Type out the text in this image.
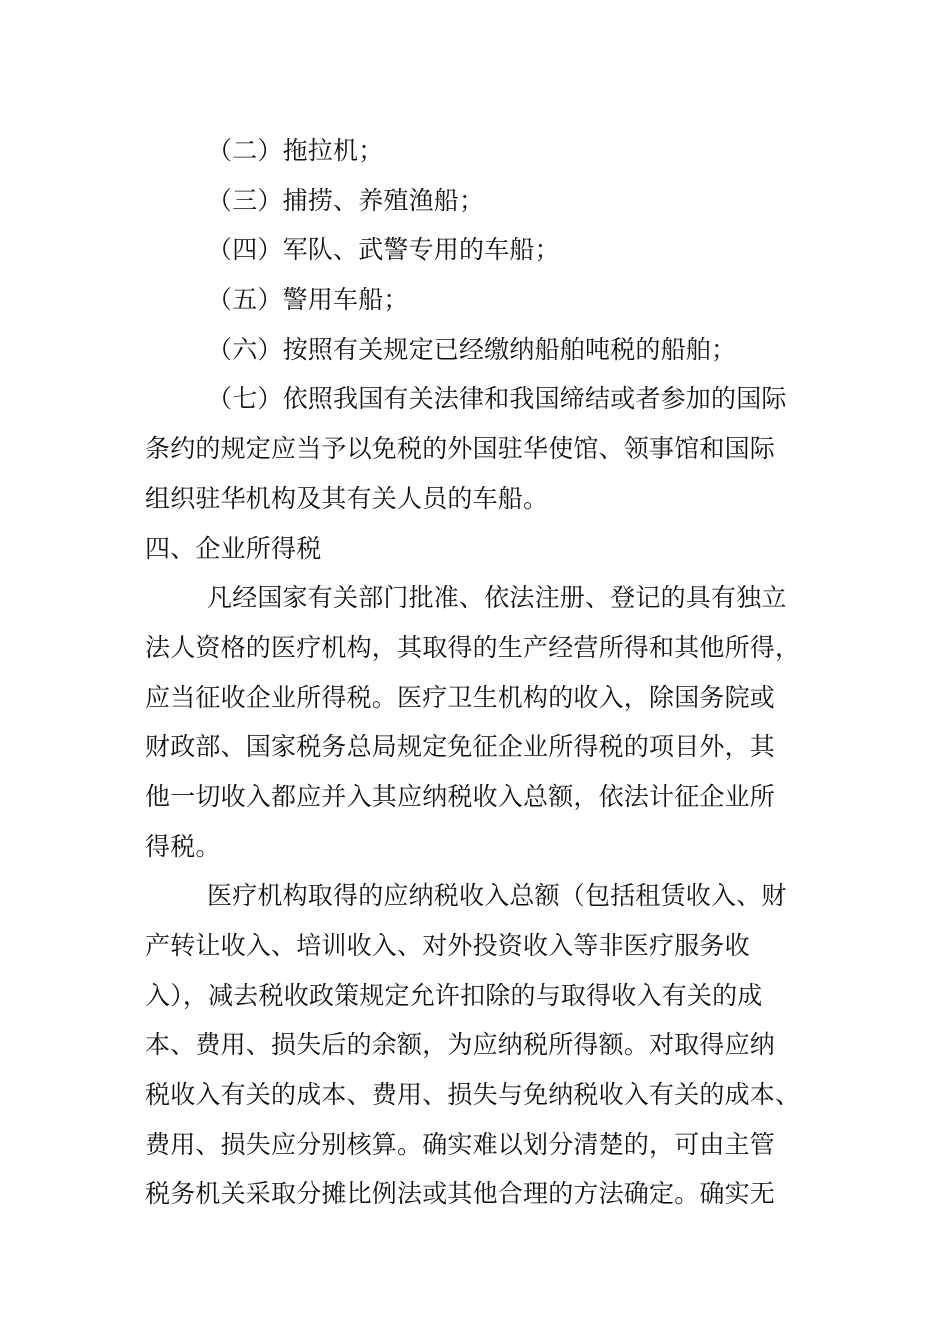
（二）拖拉机；
（三）捕捞、养殖渔船；
（四）军队、武警专用的车船；
（五）警用车船；
（六）按照有关规定已经缴纳船舶吨税的船舶；
（七）依照我国有关法律和我国缔结或者参加的国际
条约的规定应当予以免税的外国驻华使馆、领事馆和国际
组织驻华机构及其有关人员的车船。
四、企业所得税
凡经国家有关部门批准、依法注册、登记的具有独立
法人资格的医疗机构，其取得的生产经营所得和其他所得，
应当征收企业所得税。医疗卫生机构的收入，除国务院或
财政部、国家税务总局规定免征企业所得税的项目外，其
他一切收入都应并入其应纳税收入总额，依法计征企业所
得税。
医疗机构取得的应纳税收入总额（包括租赁收入、财
产转让收入、培训收入、对外投资收入等非医疗服务收
入），减去税收政策规定允许扣除的与取得收入有关的成
本、费用、损失后的余额，为应纳税所得额。对取得应纳
税收入有关的成本、费用、损失与免纳税收入有关的成本、
费用、损失应分别核算。确实难以划分清楚的，可由主管
税务机关采取分摊比例法或其他合理的方法确定。确实无
